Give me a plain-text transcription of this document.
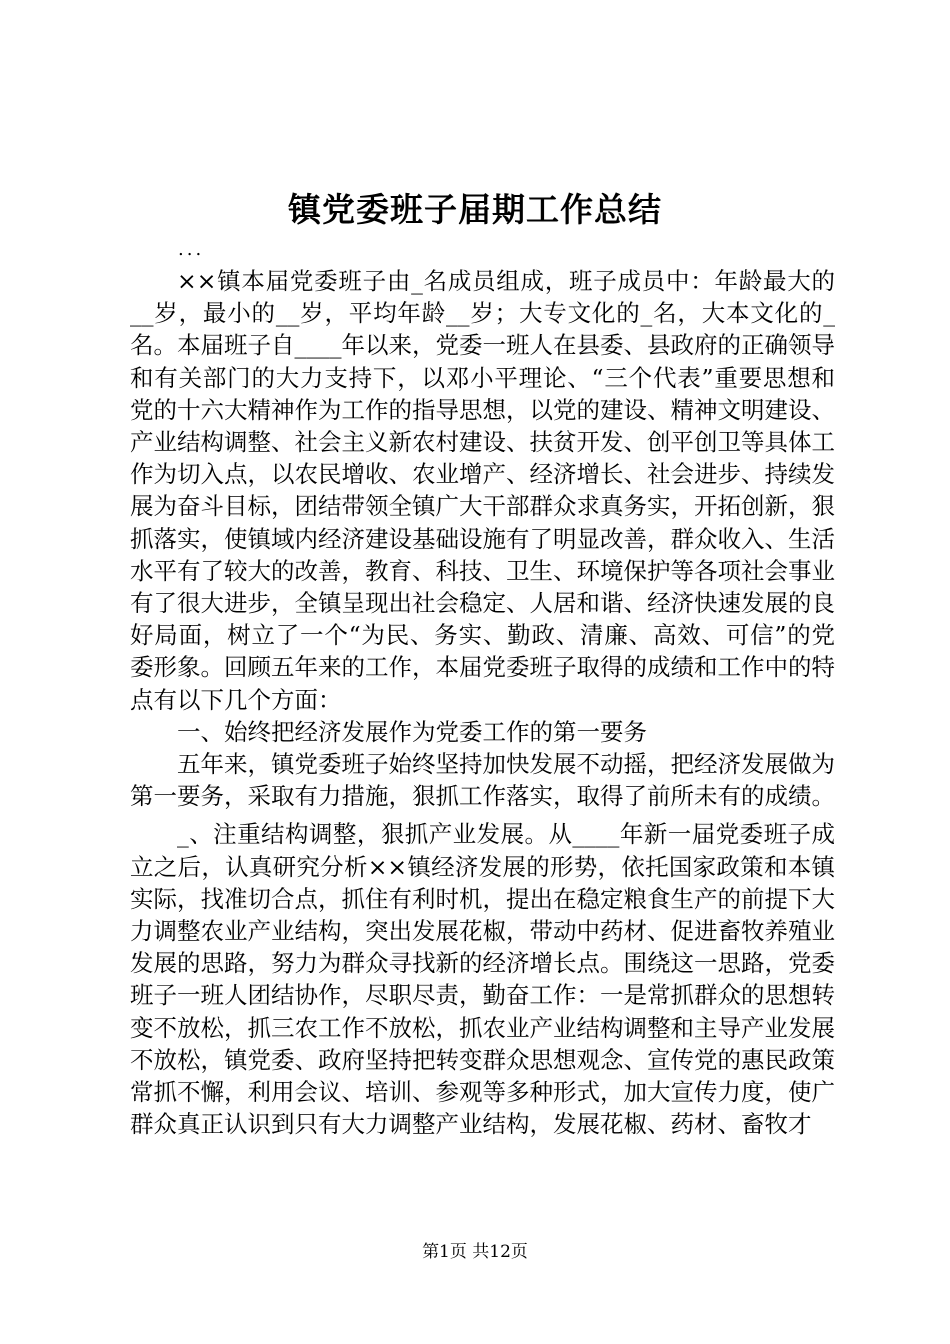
镇党委班子届期工作总结
...

××镇本届党委班子由_名成员组成，班子成员中：年龄最大的__岁，最小的__岁，平均年龄__岁；大专文化的_名，大本文化的_名。本届班子自____年以来，党委一班人在县委、县政府的正确领导和有关部门的大力支持下，以邓小平理论、“三个代表”重要思想和党的十六大精神作为工作的指导思想，以党的建设、精神文明建设、产业结构调整、社会主义新农村建设、扶贫开发、创平创卫等具体工作为切入点，以农民增收、农业增产、经济增长、社会进步、持续发展为奋斗目标，团结带领全镇广大干部群众求真务实，开拓创新，狠抓落实，使镇域内经济建设基础设施有了明显改善，群众收入、生活水平有了较大的改善，教育、科技、卫生、环境保护等各项社会事业有了很大进步，全镇呈现出社会稳定、人居和谐、经济快速发展的良好局面，树立了一个“为民、务实、勤政、清廉、高效、可信”的党委形象。回顾五年来的工作，本届党委班子取得的成绩和工作中的特点有以下几个方面：

一、始终把经济发展作为党委工作的第一要务

五年来，镇党委班子始终坚持加快发展不动摇，把经济发展做为第一要务，采取有力措施，狠抓工作落实，取得了前所未有的成绩。

_、注重结构调整，狠抓产业发展。从____年新一届党委班子成立之后，认真研究分析××镇经济发展的形势，依托国家政策和本镇实际，找准切合点，抓住有利时机，提出在稳定粮食生产的前提下大力调整农业产业结构，突出发展花椒，带动中药材、促进畜牧养殖业发展的思路，努力为群众寻找新的经济增长点。围绕这一思路，党委班子一班人团结协作，尽职尽责，勤奋工作：一是常抓群众的思想转变不放松，抓三农工作不放松，抓农业产业结构调整和主导产业发展不放松，镇党委、政府坚持把转变群众思想观念、宣传党的惠民政策常抓不懈，利用会议、培训、参观等多种形式，加大宣传力度，使广群众真正认识到只有大力调整产业结构，发展花椒、药材、畜牧才

第1页 共12页
